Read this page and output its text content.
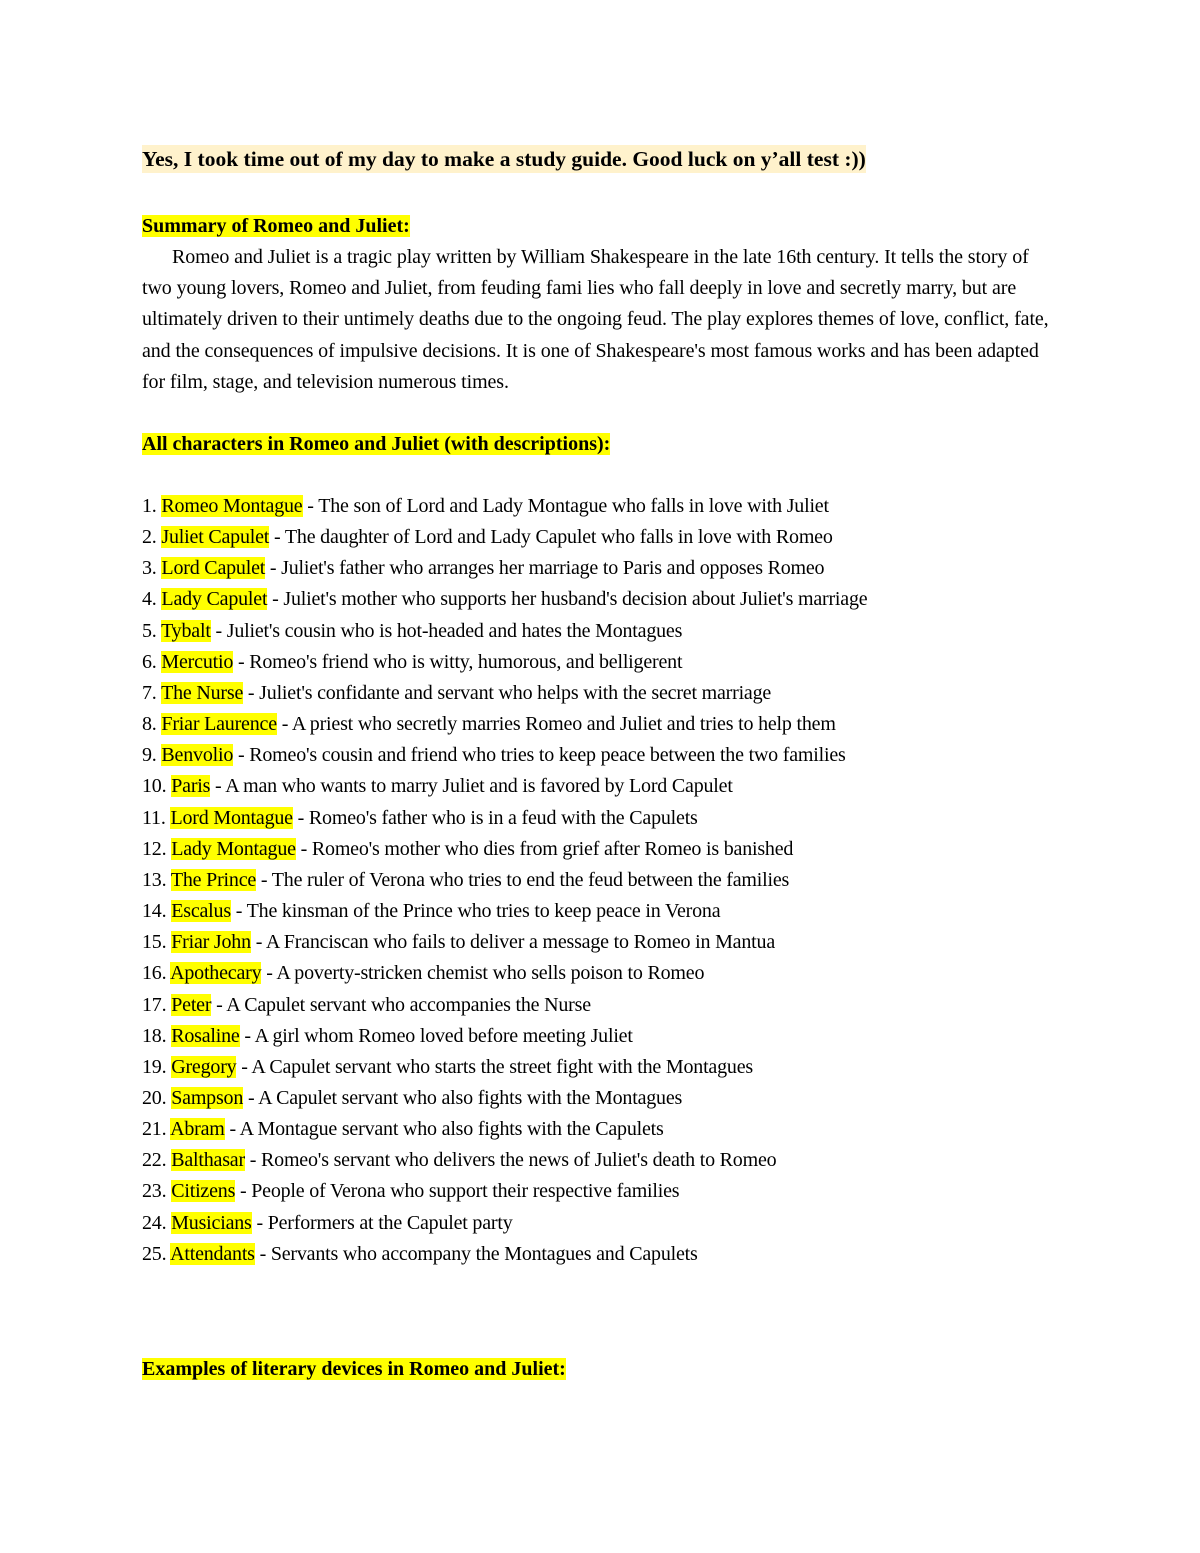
Yes, I took time out of my day to make a study guide. Good luck on y’all test :))

Summary of Romeo and Juliet:

Romeo and Juliet is a tragic play written by William Shakespeare in the late 16th century. It tells the story of two young lovers, Romeo and Juliet, from feuding fami lies who fall deeply in love and secretly marry, but are ultimately driven to their untimely deaths due to the ongoing feud. The play explores themes of love, conflict, fate, and the consequences of impulsive decisions. It is one of Shakespeare's most famous works and has been adapted for film, stage, and television numerous times.

All characters in Romeo and Juliet (with descriptions):

1. Romeo Montague - The son of Lord and Lady Montague who falls in love with Juliet
2. Juliet Capulet - The daughter of Lord and Lady Capulet who falls in love with Romeo
3. Lord Capulet - Juliet's father who arranges her marriage to Paris and opposes Romeo
4. Lady Capulet - Juliet's mother who supports her husband's decision about Juliet's marriage
5. Tybalt - Juliet's cousin who is hot-headed and hates the Montagues
6. Mercutio - Romeo's friend who is witty, humorous, and belligerent
7. The Nurse - Juliet's confidante and servant who helps with the secret marriage
8. Friar Laurence - A priest who secretly marries Romeo and Juliet and tries to help them
9. Benvolio - Romeo's cousin and friend who tries to keep peace between the two families
10. Paris - A man who wants to marry Juliet and is favored by Lord Capulet
11. Lord Montague - Romeo's father who is in a feud with the Capulets
12. Lady Montague - Romeo's mother who dies from grief after Romeo is banished
13. The Prince - The ruler of Verona who tries to end the feud between the families
14. Escalus - The kinsman of the Prince who tries to keep peace in Verona
15. Friar John - A Franciscan who fails to deliver a message to Romeo in Mantua
16. Apothecary - A poverty-stricken chemist who sells poison to Romeo
17. Peter - A Capulet servant who accompanies the Nurse
18. Rosaline - A girl whom Romeo loved before meeting Juliet
19. Gregory - A Capulet servant who starts the street fight with the Montagues
20. Sampson - A Capulet servant who also fights with the Montagues
21. Abram - A Montague servant who also fights with the Capulets
22. Balthasar - Romeo's servant who delivers the news of Juliet's death to Romeo
23. Citizens - People of Verona who support their respective families
24. Musicians - Performers at the Capulet party
25. Attendants - Servants who accompany the Montagues and Capulets

Examples of literary devices in Romeo and Juliet:
